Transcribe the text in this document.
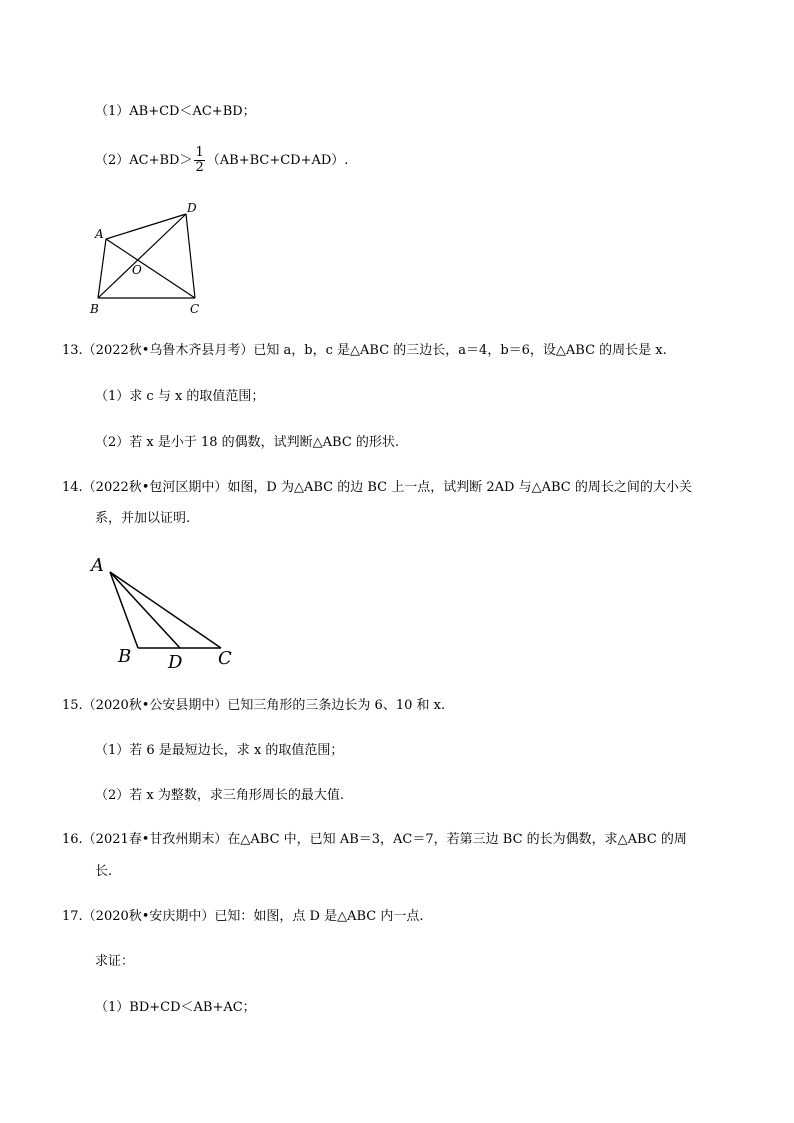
（1）AB+CD＜AC+BD；
$(2)AC+BD> \frac{1}{2} (AB+BC+CD+AD)$.
A
D
O
B	C
13.（2022秋•乌鲁木齐县月考）已知 a，b，c 是△ABC 的三边长，a＝4，b＝6，设△ABC 的周长是 x.
（1）求 c 与 x 的取值范围；
（2）若 x 是小于 18 的偶数，试判断△ABC 的形状.
14.（2022秋•包河区期中）如图，D 为△ABC 的边 BC 上一点，试判断 2AD 与△ABC 的周长之间的大小关
系，并加以证明.
A
B D C
15.（2020秋•公安县期中）已知三角形的三条边长为 6、10 和 x.
（1）若 6 是最短边长，求 x 的取值范围；
（2）若 x 为整数，求三角形周长的最大值.
16.（2021春•甘孜州期末）在△ABC 中，已知 AB＝3，AC＝7，若第三边 BC 的长为偶数，求△ABC 的周
长.
17.（2020秋•安庆期中）已知：如图，点 D 是△ABC 内一点.
求证：
（1）BD+CD＜AB+AC；
